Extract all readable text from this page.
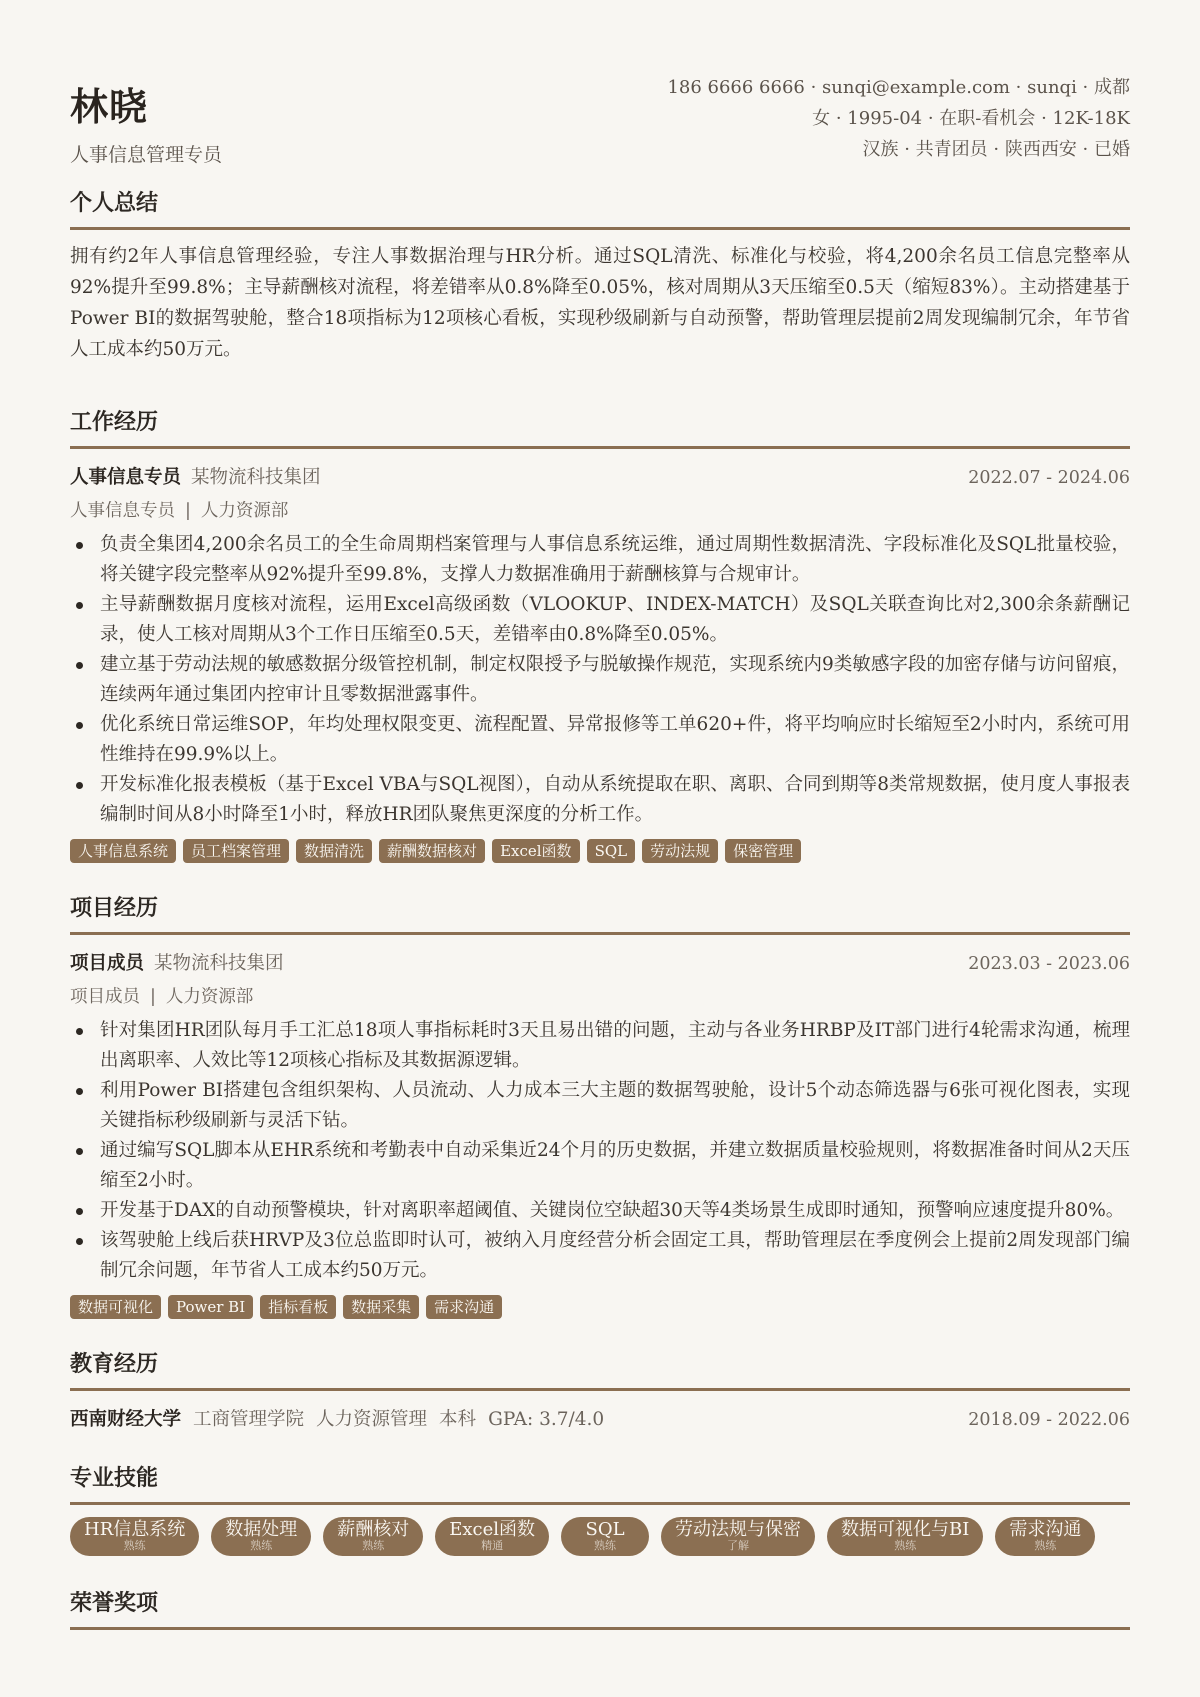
林晓
人事信息管理专员
186 6666 6666 · sunqi@example.com · sunqi · 成都
女 · 1995-04 · 在职-看机会 · 12K-18K
汉族 · 共青团员 · 陕西西安 · 已婚
个人总结

拥有约2年人事信息管理经验，专注人事数据治理与HR分析。通过SQL清洗、标准化与校验，将4,200余名员工信息完整率从92%提升至99.8%；主导薪酬核对流程，将差错率从0.8%降至0.05%，核对周期从3天压缩至0.5天（缩短83%）。主动搭建基于Power BI的数据驾驶舱，整合18项指标为12项核心看板，实现秒级刷新与自动预警，帮助管理层提前2周发现编制冗余，年节省人工成本约50万元。

工作经历
人事信息专员 某物流科技集团	2022.07 - 2024.06
人事信息专员 | 人力资源部
负责全集团4,200余名员工的全生命周期档案管理与人事信息系统运维，通过周期性数据清洗、字段标准化及SQL批量校验，将关键字段完整率从92%提升至99.8%，支撑人力数据准确用于薪酬核算与合规审计。
主导薪酬数据月度核对流程，运用Excel高级函数（VLOOKUP、INDEX-MATCH）及SQL关联查询比对2,300余条薪酬记录，使人工核对周期从3个工作日压缩至0.5天，差错率由0.8%降至0.05%。
建立基于劳动法规的敏感数据分级管控机制，制定权限授予与脱敏操作规范，实现系统内9类敏感字段的加密存储与访问留痕，连续两年通过集团内控审计且零数据泄露事件。
优化系统日常运维SOP，年均处理权限变更、流程配置、异常报修等工单620+件，将平均响应时长缩短至2小时内，系统可用性维持在99.9%以上。
开发标准化报表模板（基于Excel VBA与SQL视图），自动从系统提取在职、离职、合同到期等8类常规数据，使月度人事报表编制时间从8小时降至1小时，释放HR团队聚焦更深度的分析工作。
人事信息系统	员工档案管理	数据清洗	薪酬数据核对	Excel函数	SQL	劳动法规	保密管理
项目经历
项目成员 某物流科技集团	2023.03 - 2023.06
项目成员 | 人力资源部
针对集团HR团队每月手工汇总18项人事指标耗时3天且易出错的问题，主动与各业务HRBP及IT部门进行4轮需求沟通，梳理出离职率、人效比等12项核心指标及其数据源逻辑。
利用Power BI搭建包含组织架构、人员流动、人力成本三大主题的数据驾驶舱，设计5个动态筛选器与6张可视化图表，实现关键指标秒级刷新与灵活下钻。
通过编写SQL脚本从EHR系统和考勤表中自动采集近24个月的历史数据，并建立数据质量校验规则，将数据准备时间从2天压缩至2小时。
开发基于DAX的自动预警模块，针对离职率超阈值、关键岗位空缺超30天等4类场景生成即时通知，预警响应速度提升80%。
该驾驶舱上线后获HRVP及3位总监即时认可，被纳入月度经营分析会固定工具，帮助管理层在季度例会上提前2周发现部门编制冗余问题，年节省人工成本约50万元。
数据可视化	Power BI	指标看板	数据采集	需求沟通
教育经历
西南财经大学 工商管理学院 人力资源管理 本科 GPA: 3.7/4.0	2018.09 - 2022.06
专业技能
HR信息系统
熟练
数据处理
熟练
薪酬核对
熟练
Excel函数
精通
SQL
熟练
劳动法规与保密
了解
数据可视化与BI
熟练
需求沟通
熟练
荣誉奖项
